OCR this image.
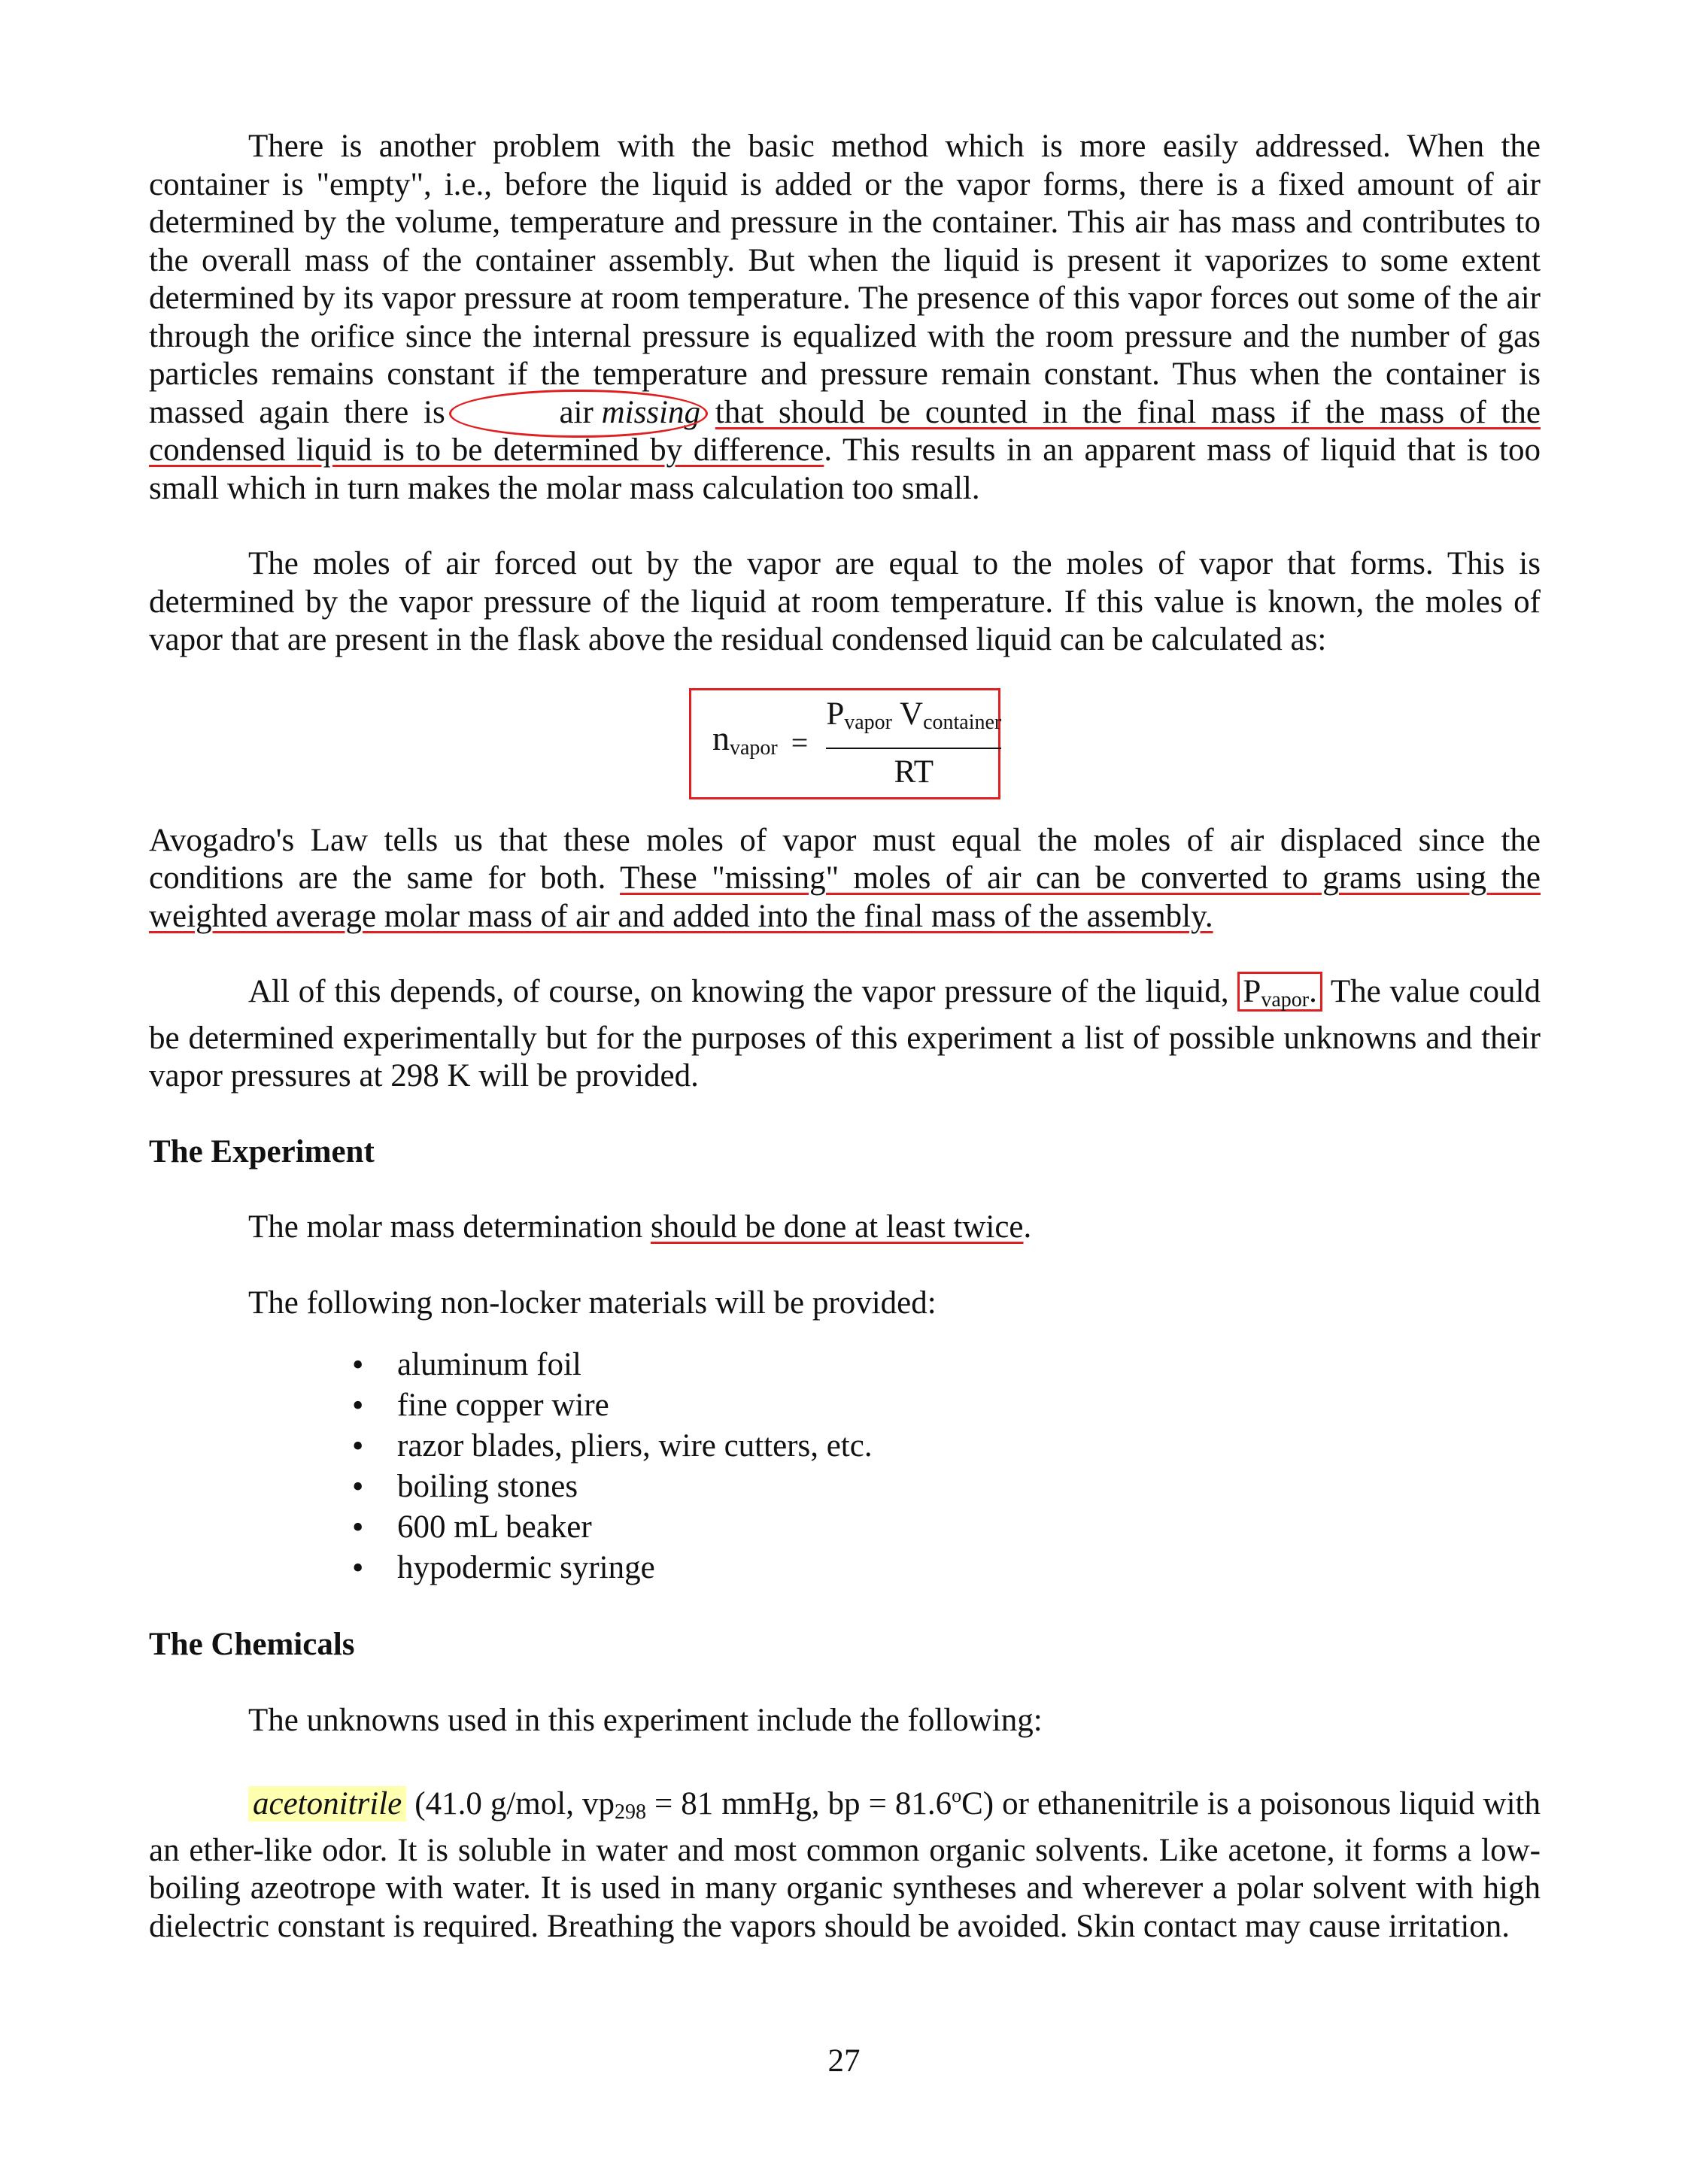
There is another problem with the basic method which is more easily addressed. When the container is "empty", i.e., before the liquid is added or the vapor forms, there is a fixed amount of air determined by the volume, temperature and pressure in the container. This air has mass and contributes to the overall mass of the container assembly. But when the liquid is present it vaporizes to some extent determined by its vapor pressure at room temperature. The presence of this vapor forces out some of the air through the orifice since the internal pressure is equalized with the room pressure and the number of gas particles remains constant if the temperature and pressure remain constant. Thus when the container is massed again there is	air missing that should be counted in the final mass if the mass of the condensed liquid is to be determined by difference. This results in an apparent mass of liquid that is too small which in turn makes the molar mass calculation too small.

The moles of air forced out by the vapor are equal to the moles of vapor that forms. This is determined by the vapor pressure of the liquid at room temperature. If this value is known, the moles of vapor that are present in the flask above the residual condensed liquid can be calculated as:

$n_{vapor} = \frac{P_{vapor} V_{container}}{RT}$

Avogadro's Law tells us that these moles of vapor must equal the moles of air displaced since the conditions are the same for both. These "missing" moles of air can be converted to grams using the weighted average molar mass of air and added into the final mass of the assembly.

All of this depends, of course, on knowing the vapor pressure of the liquid, $P_{vapor}$. The value could be determined experimentally but for the purposes of this experiment a list of possible unknowns and their vapor pressures at 298 K will be provided.

The Experiment

The molar mass determination should be done at least twice.

The following non-locker materials will be provided:

• aluminum foil
• fine copper wire
• razor blades, pliers, wire cutters, etc.
• boiling stones
• 600 mL beaker
• hypodermic syringe

The Chemicals

The unknowns used in this experiment include the following:

acetonitrile (41.0 g/mol, $vp_{298} = 81$ mmHg, bp = $81.6^oC$) or ethanenitrile is a poisonous liquid with an ether-like odor. It is soluble in water and most common organic solvents. Like acetone, it forms a low-boiling azeotrope with water. It is used in many organic syntheses and wherever a polar solvent with high dielectric constant is required. Breathing the vapors should be avoided. Skin contact may cause irritation.

27
